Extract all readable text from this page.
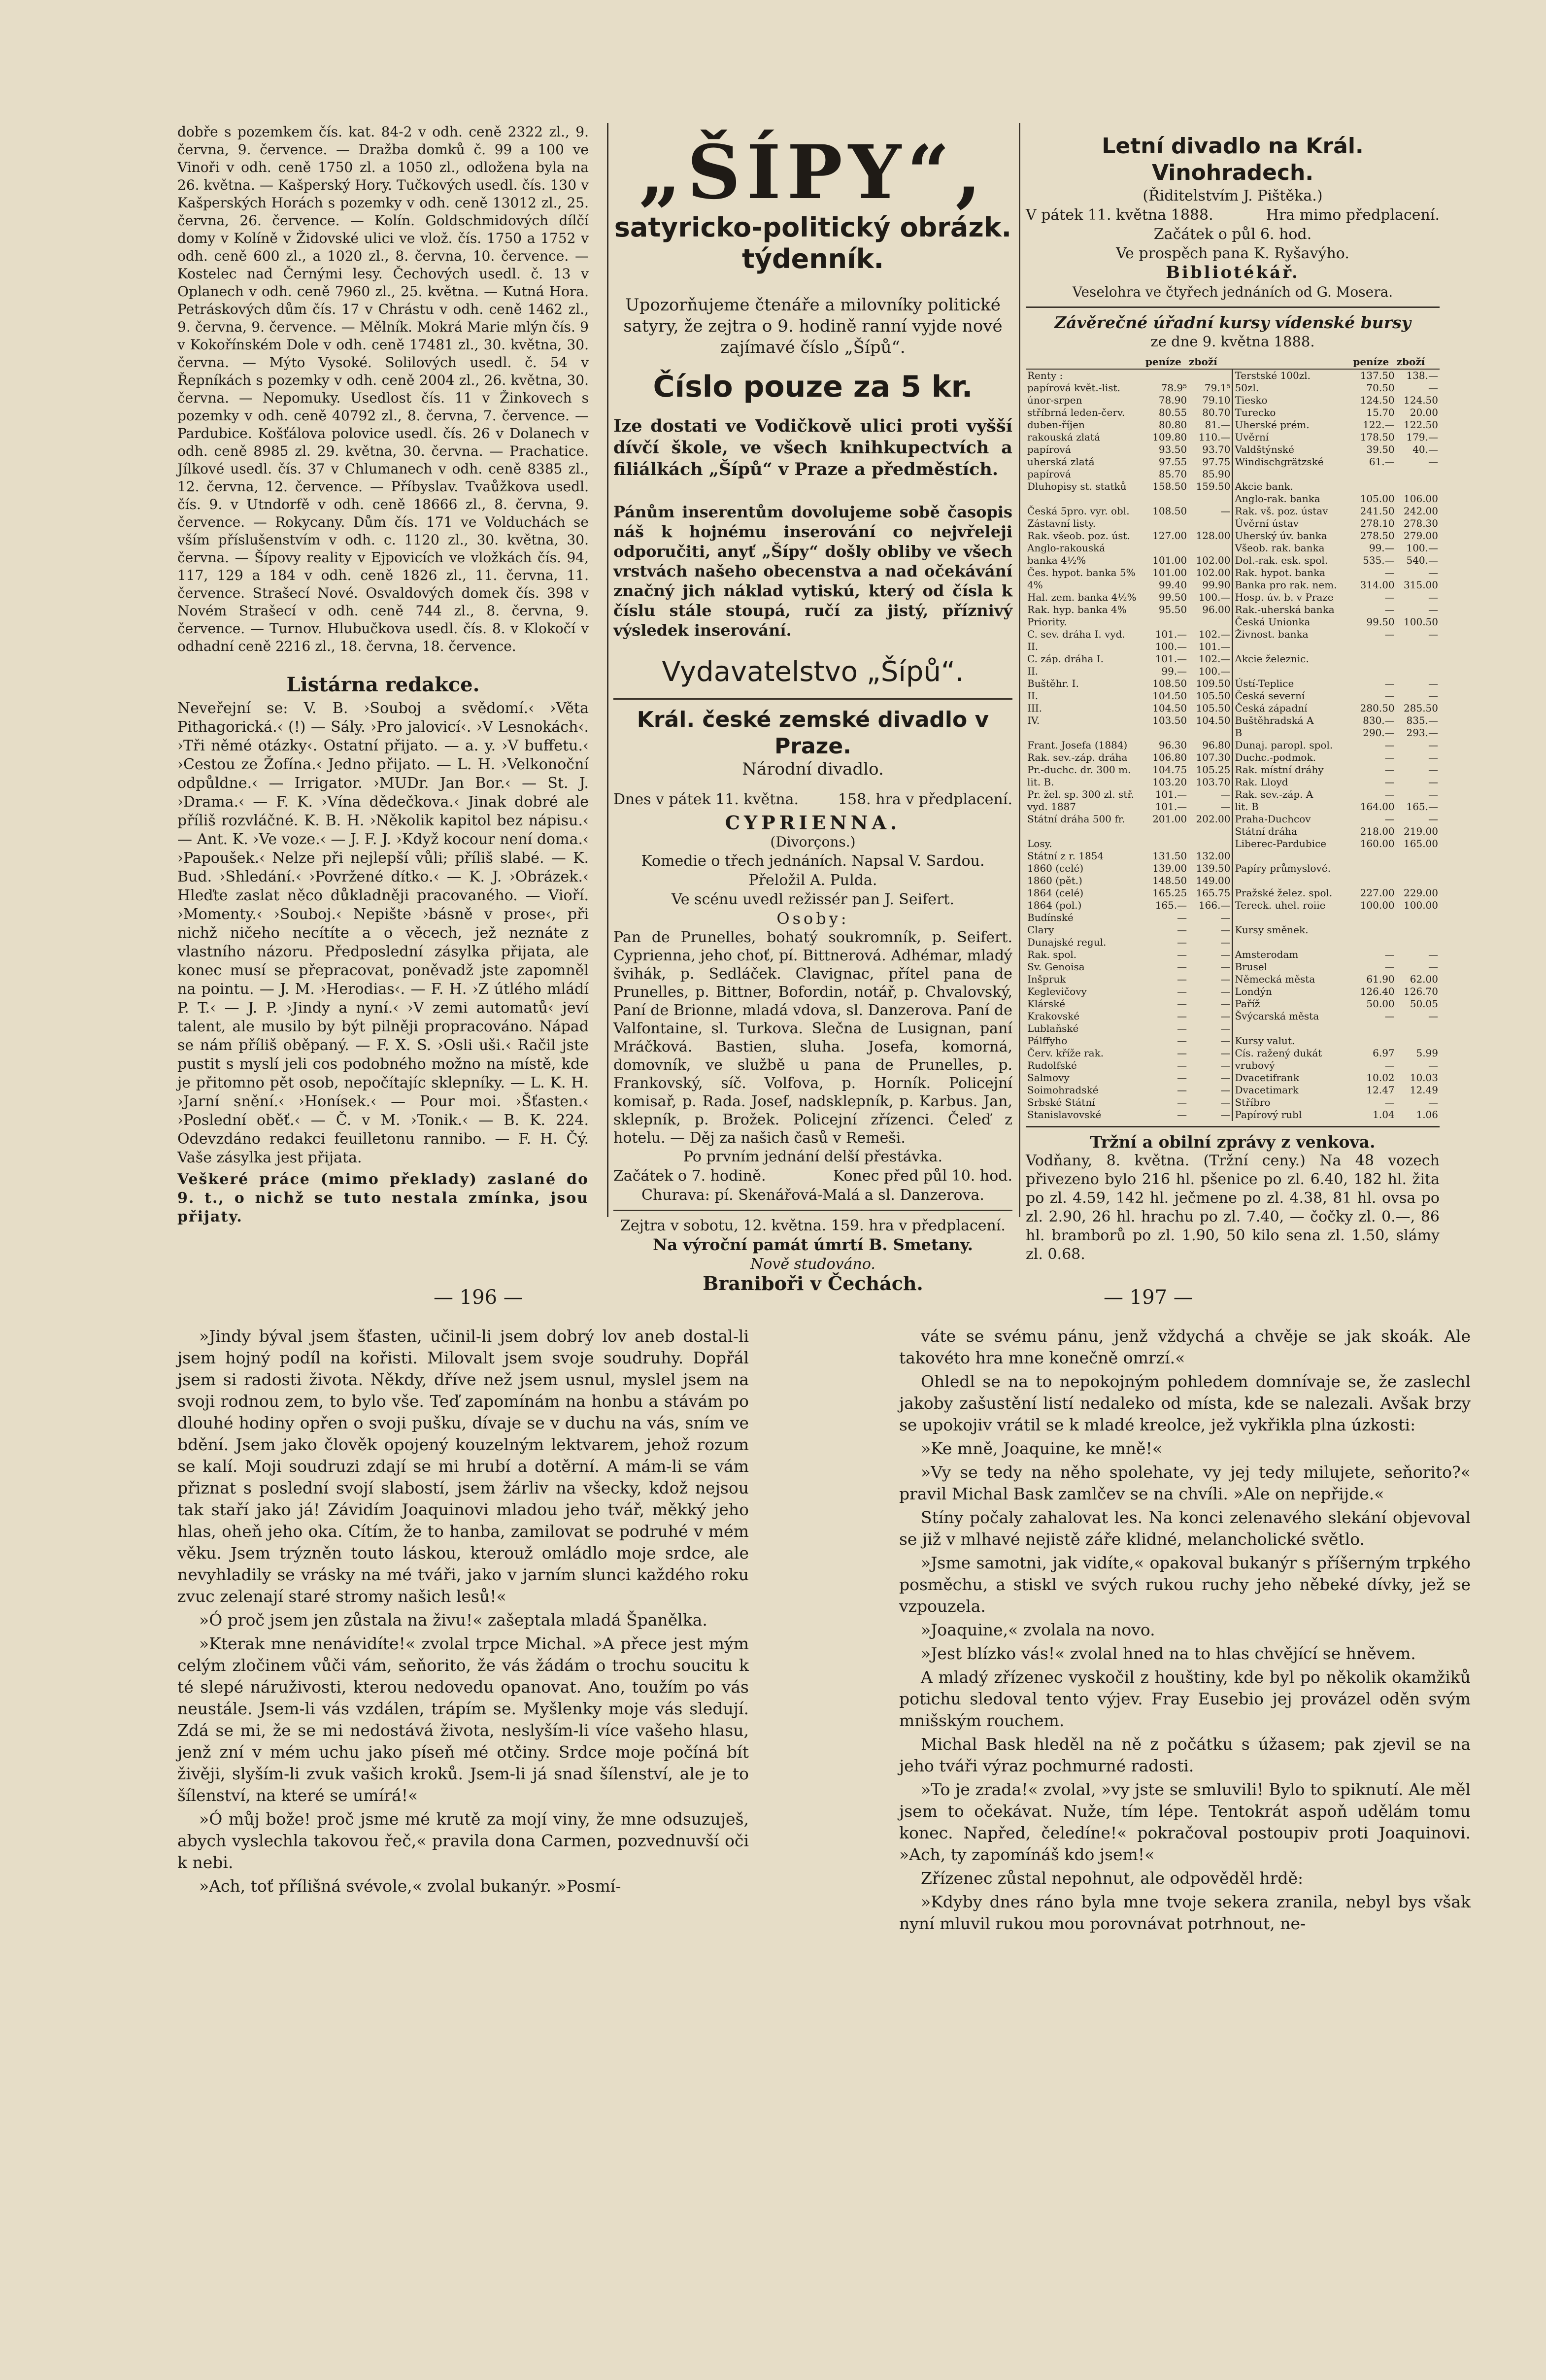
dobře s pozemkem čís. kat. 84-2 v odh. ceně 2322 zl., 9. června, 9. července. — Dražba domků č. 99 a 100 ve Vinoři v odh. ceně 1750 zl. a 1050 zl., odložena byla na 26. května. — Kašperský Hory. Tučkových usedl. čís. 130 v Kašperských Horách s pozemky v odh. ceně 13012 zl., 25. června, 26. července. — Kolín. Goldschmidových dílčí domy v Kolíně v Židovské ulici ve vlož. čís. 1750 a 1752 v odh. ceně 600 zl., a 1020 zl., 8. června, 10. července. — Kostelec nad Černými lesy. Čechových usedl. č. 13 v Oplanech v odh. ceně 7960 zl., 25. května. — Kutná Hora. Petráskových dům čís. 17 v Chrástu v odh. ceně 1462 zl., 9. června, 9. července. — Mělník. Mokrá Marie mlýn čís. 9 v Kokořínském Dole v odh. ceně 17481 zl., 30. května, 30. června. — Mýto Vysoké. Solilových usedl. č. 54 v Řepníkách s pozemky v odh. ceně 2004 zl., 26. května, 30. června. — Nepomuky. Usedlost čís. 11 v Žinkovech s pozemky v odh. ceně 40792 zl., 8. června, 7. července. — Pardubice. Košťálova polovice usedl. čís. 26 v Dolanech v odh. ceně 8985 zl. 29. května, 30. června. — Prachatice. Jílkové usedl. čís. 37 v Chlumanech v odh. ceně 8385 zl., 12. června, 12. července. — Příbyslav. Tvaůžkova usedl. čís. 9. v Utndorfě v odh. ceně 18666 zl., 8. června, 9. července. — Rokycany. Dům čís. 171 ve Volduchách se vším příslušenstvím v odh. c. 1120 zl., 30. května, 30. června. — Šípovy reality v Ejpovicích ve vložkách čís. 94, 117, 129 a 184 v odh. ceně 1826 zl., 11. června, 11. července. Strašecí Nové. Osvaldových domek čís. 398 v Novém Strašecí v odh. ceně 744 zl., 8. června, 9. července. — Turnov. Hlubučkova usedl. čís. 8. v Klokočí v odhadní ceně 2216 zl., 18. června, 18. července.
Listárna redakce.
Neveřejní se: V. B. ›Souboj a svědomí.‹ ›Věta Pithagorická.‹ (!) — Sály. ›Pro jalovicí‹. ›V Lesnokách‹. ›Tři němé otázky‹. Ostatní přijato. — a. y. ›V buffetu.‹ ›Cestou ze Žofína.‹ Jedno přijato. — L. H. ›Velkonoční odpůldne.‹ — Irrigator. ›MUDr. Jan Bor.‹ — St. J. ›Drama.‹ — F. K. ›Vína dědečkova.‹ Jinak dobré ale příliš rozvláčné. K. B. H. ›Několik kapitol bez nápisu.‹ — Ant. K. ›Ve voze.‹ — J. F. J. ›Když kocour není doma.‹ ›Papoušek.‹ Nelze při nejlepší vůli; příliš slabé. — K. Bud. ›Shledání.‹ ›Povržené dítko.‹ — K. J. ›Obrázek.‹ Hleďte zaslat něco důkladněji pracovaného. — Vioří. ›Momenty.‹ ›Souboj.‹ Nepište ›básně v prose‹, při nichž ničeho necítíte a o věcech, jež neznáte z vlastního názoru. Předposlední zásylka přijata, ale konec musí se přepracovat, poněvadž jste zapomněl na pointu. — J. M. ›Herodias‹. — F. H. ›Z útlého mládí P. T.‹ — J. P. ›Jindy a nyní.‹ ›V zemi automatů‹ jeví talent, ale musilo by být pilněji propracováno. Nápad se nám příliš oběpaný. — F. X. S. ›Osli uši.‹ Račil jste pustit s myslí jeli cos podobného možno na místě, kde je přitomno pět osob, nepočítajíc sklepníky. — L. K. H. ›Jarní snění.‹ ›Honísek.‹ — Pour moi. ›Šťasten.‹ ›Poslední oběť.‹ — Č. v M. ›Tonik.‹ — B. K. 224. Odevzdáno redakci feuilletonu rannibo. — F. H. Čý. Vaše zásylka jest přijata.
Veškeré práce (mimo překlady) zaslané do 9. t., o nichž se tuto nestala zmínka, jsou přijaty.
„ŠÍPY“,
satyricko-politický obrázk. týdenník.
Upozorňujeme čtenáře a milovníky politické satyry, že zejtra o 9. hodině ranní vyjde nové zajímavé číslo „Šípů“.
Číslo pouze za 5 kr.
Ize dostati ve Vodičkově ulici proti vyšší dívčí škole, ve všech knihkupectvích a filiálkách „Šípů“ v Praze a předměstích.
Pánům inserentům dovolujeme sobě časopis náš k hojnému inserování co nejvřeleji odporučiti, anyť „Šípy“ došly obliby ve všech vrstvách našeho obecenstva a nad očekávání značný jich náklad vytiskú, který od čísla k číslu stále stoupá, ručí za jistý, příznivý výsledek inserování.
Vydavatelstvo „Šípů“.
Král. české zemské divadlo v Praze.
Národní divadlo.
Dnes v pátek 11. května.	158. hra v předplacení.
CYPRIENNA.
(Divorçons.)
Komedie o třech jednáních. Napsal V. Sardou. Přeložil A. Pulda.
Ve scénu uvedl režissér pan J. Seifert.
Osoby:
Pan de Prunelles, bohatý soukromník, p. Seifert. Cyprienna, jeho choť, pí. Bittnerová. Adhémar, mladý švihák, p. Sedláček. Clavignac, přítel pana de Prunelles, p. Bittner, Bofordin, notář, p. Chvalovský, Paní de Brionne, mladá vdova, sl. Danzerova. Paní de Valfontaine, sl. Turkova. Slečna de Lusignan, paní Mráčková. Bastien, sluha. Josefa, komorná, domovník, ve službě u pana de Prunelles, p. Frankovský, síč. Volfova, p. Horník. Policejní komisař, p. Rada. Josef, nadsklepník, p. Karbus. Jan, sklepník, p. Brožek. Policejní zřízenci. Čeleď z hotelu. — Děj za našich časů v Remeši.
Po prvním jednání delší přestávka.
Začátek o 7. hodině.	Konec před půl 10. hod.
Churava: pí. Skenářová-Malá a sl. Danzerova.
Zejtra v sobotu, 12. května. 159. hra v předplacení.
Na výroční památ úmrtí B. Smetany.
Nově studováno.
Braniboři v Čechách.
Letní divadlo na Král. Vinohradech.
(Řiditelstvím J. Pištěka.)
V pátek 11. května 1888.	Hra mimo předplacení.
Začátek o půl 6. hod.
Ve prospěch pana K. Ryšavýho.
Bibliotékář.
Veselohra ve čtyřech jednáních od G. Mosera.
Závěrečné úřadní kursy vídenské bursy
ze dne 9. května 1888.
	peníze	zboží		peníze	zboží
Renty :			Terstské 100zl.	137.50	138.—
papírová květ.-list.	78.9⁵	79.1⁵	50zl.	70.50	—
únor-srpen	78.90	79.10	Tiesko	124.50	124.50
stříbrná leden-červ.	80.55	80.70	Turecko	15.70	20.00
duben-říjen	80.80	81.—	Uherské prém.	122.—	122.50
rakouská zlatá	109.80	110.—	Uvěrní	178.50	179.—
papírová	93.50	93.70	Valdštýnské	39.50	40.—
uherská zlatá	97.55	97.75	Windischgrätzské	61.—	—
papírová	85.70	85.90			
Dluhopisy st. statků	158.50	159.50	Akcie bank.		
			Anglo-rak. banka	105.00	106.00
Česká 5pro. vyr. obl.	108.50	—	Rak. vš. poz. ústav	241.50	242.00
Zástavní listy.			Úvěrní ústav	278.10	278.30
Rak. všeob. poz. úst.	127.00	128.00	Uherský úv. banka	278.50	279.00
Anglo-rakouská			Všeob. rak. banka	99.—	100.—
banka 4½%	101.00	102.00	Dol.-rak. esk. spol.	535.—	540.—
Čes. hypot. banka 5%	101.00	102.00	Rak. hypot. banka	—	—
4%	99.40	99.90	Banka pro rak. nem.	314.00	315.00
Hal. zem. banka 4½%	99.50	100.—	Hosp. úv. b. v Praze	—	—
Rak. hyp. banka 4%	95.50	96.00	Rak.-uherská banka	—	—
Priority.			Česká Unionka	99.50	100.50
C. sev. dráha I. vyd.	101.—	102.—	Živnost. banka	—	—
II.	100.—	101.—			
C. záp. dráha I.	101.—	102.—	Akcie železnic.		
II.	99.—	100.—			
Buštěhr. I.	108.50	109.50	Ústí-Teplice	—	—
II.	104.50	105.50	Česká severní	—	—
III.	104.50	105.50	Česká západní	280.50	285.50
IV.	103.50	104.50	Buštěhradská A	830.—	835.—
			B	290.—	293.—
Frant. Josefa (1884)	96.30	96.80	Dunaj. paropl. spol.	—	—
Rak. sev.-záp. dráha	106.80	107.30	Duchc.-podmok.	—	—
Pr.-duchc. dr. 300 m.	104.75	105.25	Rak. místní dráhy	—	—
lit. B.	103.20	103.70	Rak. Lloyd	—	—
Pr. žel. sp. 300 zl. stř.	101.—	—	Rak. sev.-záp. A	—	—
vyd. 1887	101.—	—	lit. B	164.00	165.—
Státní dráha 500 fr.	201.00	202.00	Praha-Duchcov	—	—
			Státní dráha	218.00	219.00
Losy.			Liberec-Pardubice	160.00	165.00
Státní z r. 1854	131.50	132.00			
1860 (celé)	139.00	139.50	Papíry průmyslové.		
1860 (pět.)	148.50	149.00			
1864 (celé)	165.25	165.75	Pražské želez. spol.	227.00	229.00
1864 (pol.)	165.—	166.—	Tereck. uhel. roiie	100.00	100.00
Budínské	—	—			
Clary	—	—	Kursy směnek.		
Dunajské regul.	—	—			
Rak. spol.	—	—	Amsterodam	—	—
Sv. Genoisa	—	—	Brusel	—	—
Inšpruk	—	—	Německá města	61.90	62.00
Keglevičovy	—	—	Londýn	126.40	126.70
Klárské	—	—	Paříž	50.00	50.05
Krakovské	—	—	Švýcarská města	—	—
Lublaňské	—	—			
Pálffyho	—	—	Kursy valut.		
Červ. kříže rak.	—	—	Cís. ražený dukát	6.97	5.99
Rudolfské	—	—	vrubový	—	—
Salmovy	—	—	Dvacetifrank	10.02	10.03
Soimohradské	—	—	Dvacetimark	12.47	12.49
Srbské Státní	—	—	Stříbro	—	—
Stanislavovské	—	—	Papírový rubl	1.04	1.06
Tržní a obilní zprávy z venkova.
Vodňany, 8. května. (Tržní ceny.) Na 48 vozech přivezeno bylo 216 hl. pšenice po zl. 6.40, 182 hl. žita po zl. 4.59, 142 hl. ječmene po zl. 4.38, 81 hl. ovsa po zl. 2.90, 26 hl. hrachu po zl. 7.40, — čočky zl. 0.—, 86 hl. bramborů po zl. 1.90, 50 kilo sena zl. 1.50, slámy zl. 0.68.
— 196 —	— 197 —

»Jindy býval jsem šťasten, učinil-li jsem dobrý lov aneb dostal-li jsem hojný podíl na kořisti. Milovalt jsem svoje soudruhy. Dopřál jsem si radosti života. Někdy, dříve než jsem usnul, myslel jsem na svoji rodnou zem, to bylo vše. Teď zapomínám na honbu a stávám po dlouhé hodiny opřen o svoji pušku, dívaje se v duchu na vás, sním ve bdění. Jsem jako člověk opojený kouzelným lektvarem, jehož rozum se kalí. Moji soudruzi zdají se mi hrubí a dotěrní. A mám-li se vám přiznat s poslední svojí slabostí, jsem žárliv na všecky, kdož nejsou tak staří jako já! Závidím Joaquinovi mladou jeho tvář, měkký jeho hlas, oheň jeho oka. Cítím, že to hanba, zamilovat se podruhé v mém věku. Jsem trýzněn touto láskou, kterouž omládlo moje srdce, ale nevyhladily se vrásky na mé tváři, jako v jarním slunci každého roku zvuc zelenají staré stromy našich lesů!«

»Ó proč jsem jen zůstala na živu!« zašeptala mladá Španělka.

»Kterak mne nenávidíte!« zvolal trpce Michal. »A přece jest mým celým zločinem vůči vám, seňorito, že vás žádám o trochu soucitu k té slepé náruživosti, kterou nedovedu opanovat. Ano, toužím po vás neustále. Jsem-li vás vzdálen, trápím se. Myšlenky moje vás sledují. Zdá se mi, že se mi nedostává života, neslyším-li více vašeho hlasu, jenž zní v mém uchu jako píseň mé otčiny. Srdce moje počíná bít živěji, slyším-li zvuk vašich kroků. Jsem-li já snad šílenství, ale je to šílenství, na které se umírá!«

»Ó můj bože! proč jsme mé krutě za mojí viny, že mne odsuzuješ, abych vyslechla takovou řeč,« pravila dona Carmen, pozvednuvší oči k nebi.

»Ach, toť přílišná svévole,« zvolal bukanýr. »Posmí-

váte se svému pánu, jenž vždychá a chvěje se jak skoák. Ale takovéto hra mne konečně omrzí.«

Ohledl se na to nepokojným pohledem domnívaje se, že zaslechl jakoby zašustění listí nedaleko od místa, kde se nalezali. Avšak brzy se upokojiv vrátil se k mladé kreolce, jež vykřikla plna úzkosti:

»Ke mně, Joaquine, ke mně!«

»Vy se tedy na něho spolehate, vy jej tedy milujete, seňorito?« pravil Michal Bask zamlčev se na chvíli. »Ale on nepřijde.«

Stíny počaly zahalovat les. Na konci zelenavého slekání objevoval se již v mlhavé nejistě záře klidné, melancholické světlo.

»Jsme samotni, jak vidíte,« opakoval bukanýr s příšerným trpkého posměchu, a stiskl ve svých rukou ruchy jeho něbeké dívky, jež se vzpouzela.

»Joaquine,« zvolala na novo.

»Jest blízko vás!« zvolal hned na to hlas chvějící se hněvem.

A mladý zřízenec vyskočil z houštiny, kde byl po několik okamžiků potichu sledoval tento výjev. Fray Eusebio jej provázel oděn svým mnišským rouchem.

Michal Bask hleděl na ně z počátku s úžasem; pak zjevil se na jeho tváři výraz pochmurné radosti.

»To je zrada!« zvolal, »vy jste se smluvili! Bylo to spiknutí. Ale měl jsem to očekávat. Nuže, tím lépe. Tentokrát aspoň udělám tomu konec. Napřed, čeledíne!« pokračoval postoupiv proti Joaquinovi. »Ach, ty zapomínáš kdo jsem!«

Zřízenec zůstal nepohnut, ale odpověděl hrdě:

»Kdyby dnes ráno byla mne tvoje sekera zranila, nebyl bys však nyní mluvil rukou mou porovnávat potrhnout, ne-
